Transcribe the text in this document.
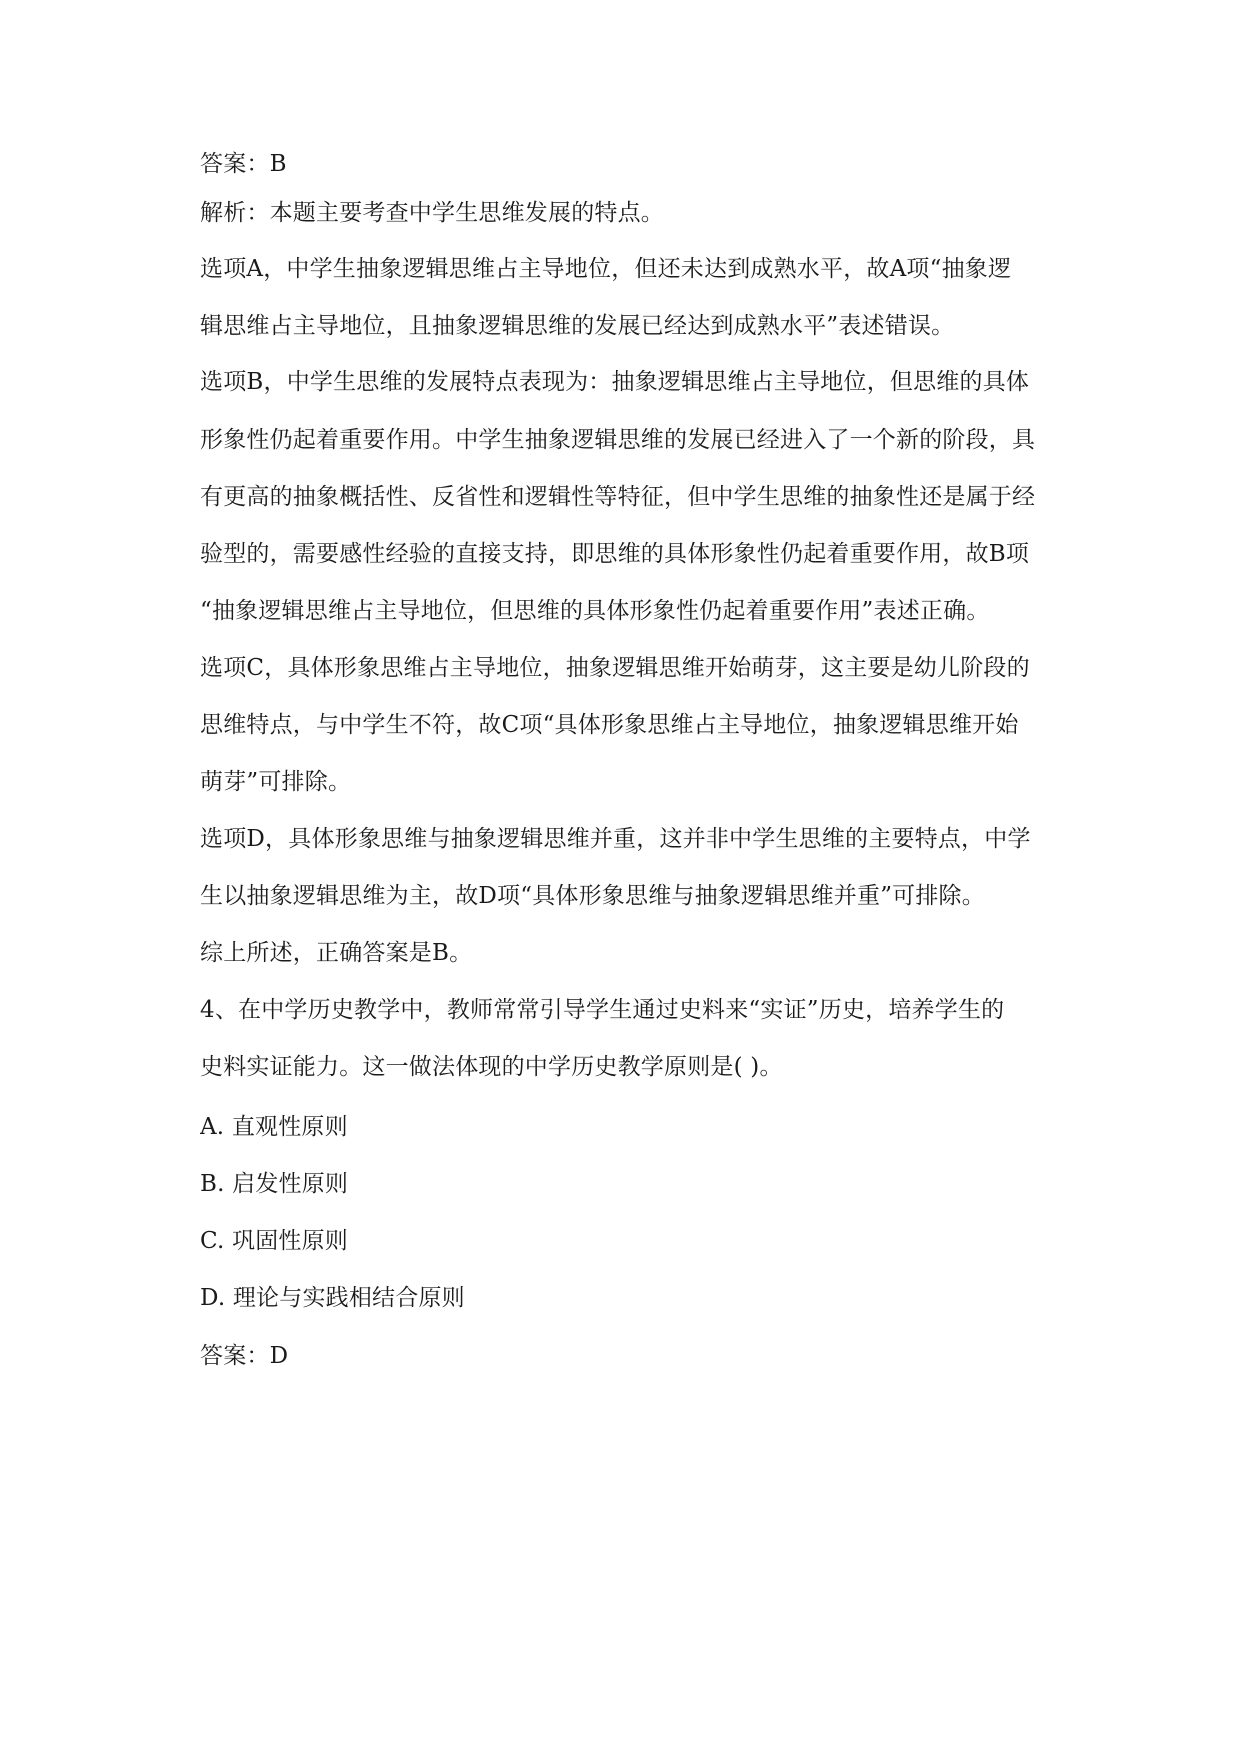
答案：B
解析：本题主要考查中学生思维发展的特点。
选项A，中学生抽象逻辑思维占主导地位，但还未达到成熟水平，故A项“抽象逻
辑思维占主导地位，且抽象逻辑思维的发展已经达到成熟水平”表述错误。
选项B，中学生思维的发展特点表现为：抽象逻辑思维占主导地位，但思维的具体
形象性仍起着重要作用。中学生抽象逻辑思维的发展已经进入了一个新的阶段，具
有更高的抽象概括性、反省性和逻辑性等特征，但中学生思维的抽象性还是属于经
验型的，需要感性经验的直接支持，即思维的具体形象性仍起着重要作用，故B项
“抽象逻辑思维占主导地位，但思维的具体形象性仍起着重要作用”表述正确。
选项C，具体形象思维占主导地位，抽象逻辑思维开始萌芽，这主要是幼儿阶段的
思维特点，与中学生不符，故C项“具体形象思维占主导地位，抽象逻辑思维开始
萌芽”可排除。
选项D，具体形象思维与抽象逻辑思维并重，这并非中学生思维的主要特点，中学
生以抽象逻辑思维为主，故D项“具体形象思维与抽象逻辑思维并重”可排除。
综上所述，正确答案是B。
4、在中学历史教学中，教师常常引导学生通过史料来“实证”历史，培养学生的
史料实证能力。这一做法体现的中学历史教学原则是( )。
A. 直观性原则
B. 启发性原则
C. 巩固性原则
D. 理论与实践相结合原则
答案：D
